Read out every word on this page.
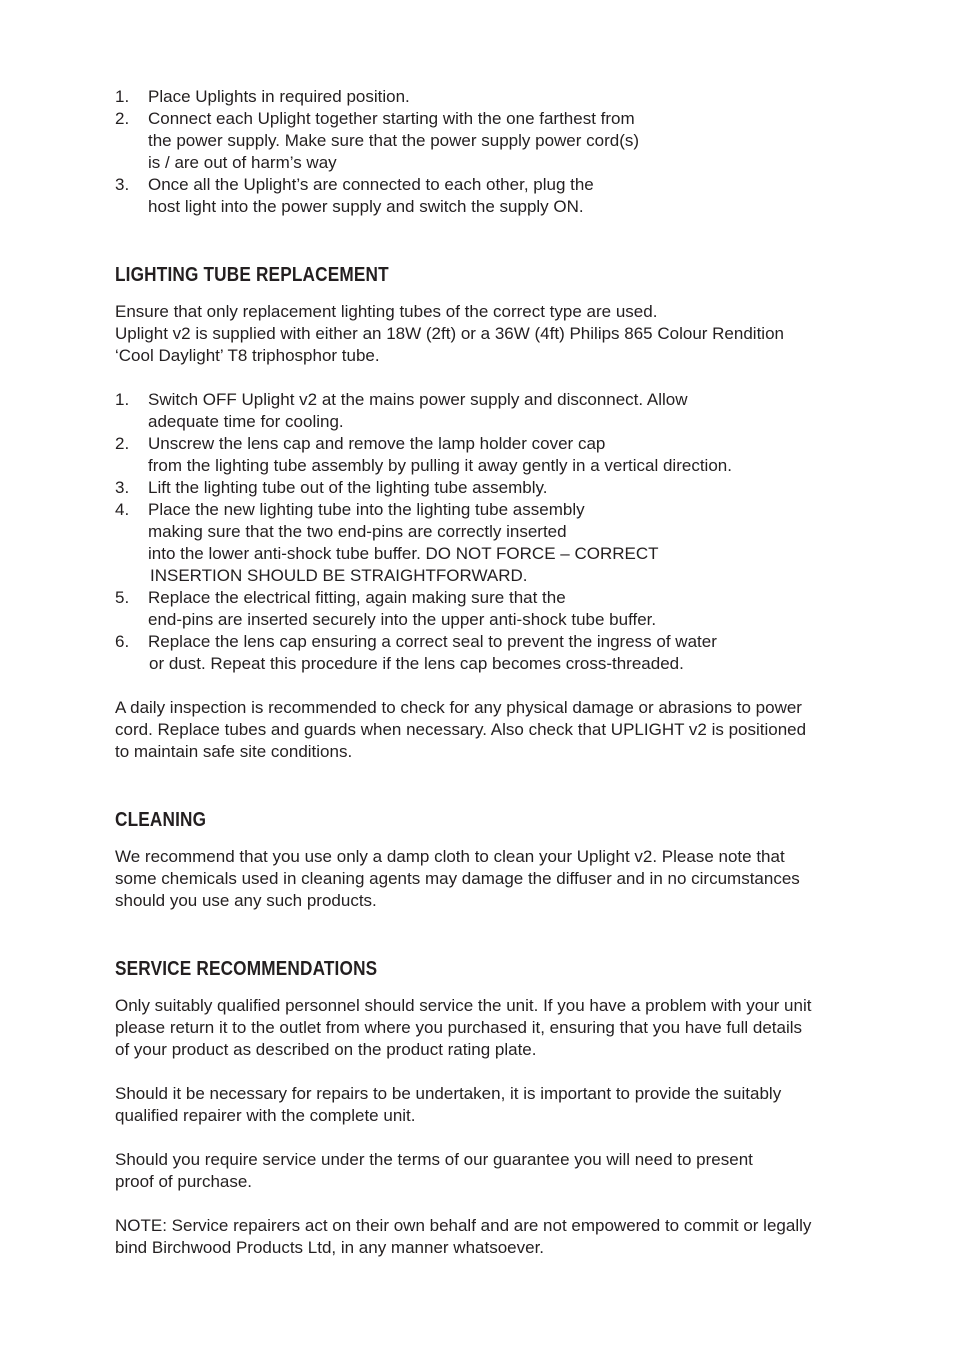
1. Place Uplights in required position.
2. Connect each Uplight together starting with the one farthest from
the power supply. Make sure that the power supply power cord(s)
is / are out of harm’s way
3. Once all the Uplight’s are connected to each other, plug the
host light into the power supply and switch the supply ON.
LIGHTING TUBE REPLACEMENT

Ensure that only replacement lighting tubes of the correct type are used.
Uplight v2 is supplied with either an 18W (2ft) or a 36W (4ft) Philips 865 Colour Rendition
‘Cool Daylight’ T8 triphosphor tube.

1. Switch OFF Uplight v2 at the mains power supply and disconnect. Allow
adequate time for cooling.
2. Unscrew the lens cap and remove the lamp holder cover cap
from the lighting tube assembly by pulling it away gently in a vertical direction.
3. Lift the lighting tube out of the lighting tube assembly.
4. Place the new lighting tube into the lighting tube assembly
making sure that the two end-pins are correctly inserted
into the lower anti-shock tube buffer. DO NOT FORCE – CORRECT
INSERTION SHOULD BE STRAIGHTFORWARD.
5. Replace the electrical fitting, again making sure that the
end-pins are inserted securely into the upper anti-shock tube buffer.
6. Replace the lens cap ensuring a correct seal to prevent the ingress of water
or dust. Repeat this procedure if the lens cap becomes cross-threaded.

A daily inspection is recommended to check for any physical damage or abrasions to power
cord. Replace tubes and guards when necessary. Also check that UPLIGHT v2 is positioned
to maintain safe site conditions.

CLEANING

We recommend that you use only a damp cloth to clean your Uplight v2. Please note that
some chemicals used in cleaning agents may damage the diffuser and in no circumstances
should you use any such products.

SERVICE RECOMMENDATIONS

Only suitably qualified personnel should service the unit. If you have a problem with your unit
please return it to the outlet from where you purchased it, ensuring that you have full details
of your product as described on the product rating plate.

Should it be necessary for repairs to be undertaken, it is important to provide the suitably
qualified repairer with the complete unit.

Should you require service under the terms of our guarantee you will need to present
proof of purchase.

NOTE: Service repairers act on their own behalf and are not empowered to commit or legally
bind Birchwood Products Ltd, in any manner whatsoever.
